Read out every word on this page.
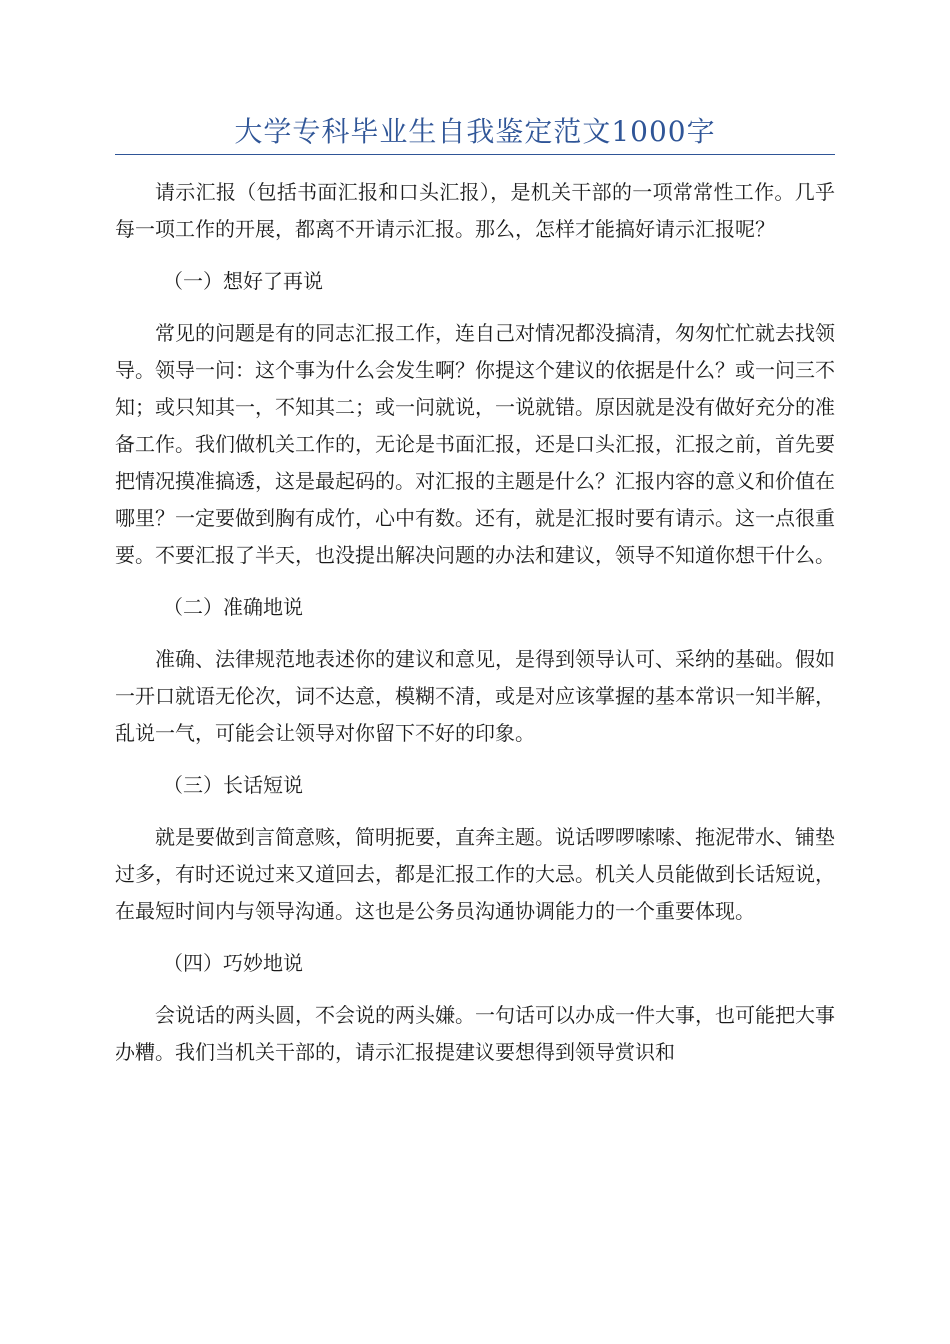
大学专科毕业生自我鉴定范文1000字

请示汇报（包括书面汇报和口头汇报），是机关干部的一项常常性工作。几乎每一项工作的开展，都离不开请示汇报。那么，怎样才能搞好请示汇报呢？

（一）想好了再说

常见的问题是有的同志汇报工作，连自己对情况都没搞清，匆匆忙忙就去找领导。领导一问：这个事为什么会发生啊？你提这个建议的依据是什么？或一问三不知；或只知其一，不知其二；或一问就说，一说就错。原因就是没有做好充分的准备工作。我们做机关工作的，无论是书面汇报，还是口头汇报，汇报之前，首先要把情况摸准搞透，这是最起码的。对汇报的主题是什么？汇报内容的意义和价值在哪里？一定要做到胸有成竹，心中有数。还有，就是汇报时要有请示。这一点很重要。不要汇报了半天，也没提出解决问题的办法和建议，领导不知道你想干什么。

（二）准确地说

准确、法律规范地表述你的建议和意见，是得到领导认可、采纳的基础。假如一开口就语无伦次，词不达意，模糊不清，或是对应该掌握的基本常识一知半解，乱说一气，可能会让领导对你留下不好的印象。

（三）长话短说

就是要做到言简意赅，简明扼要，直奔主题。说话啰啰嗦嗦、拖泥带水、铺垫过多，有时还说过来又道回去，都是汇报工作的大忌。机关人员能做到长话短说，在最短时间内与领导沟通。这也是公务员沟通协调能力的一个重要体现。

（四）巧妙地说

会说话的两头圆，不会说的两头嫌。一句话可以办成一件大事，也可能把大事办糟。我们当机关干部的，请示汇报提建议要想得到领导赏识和
